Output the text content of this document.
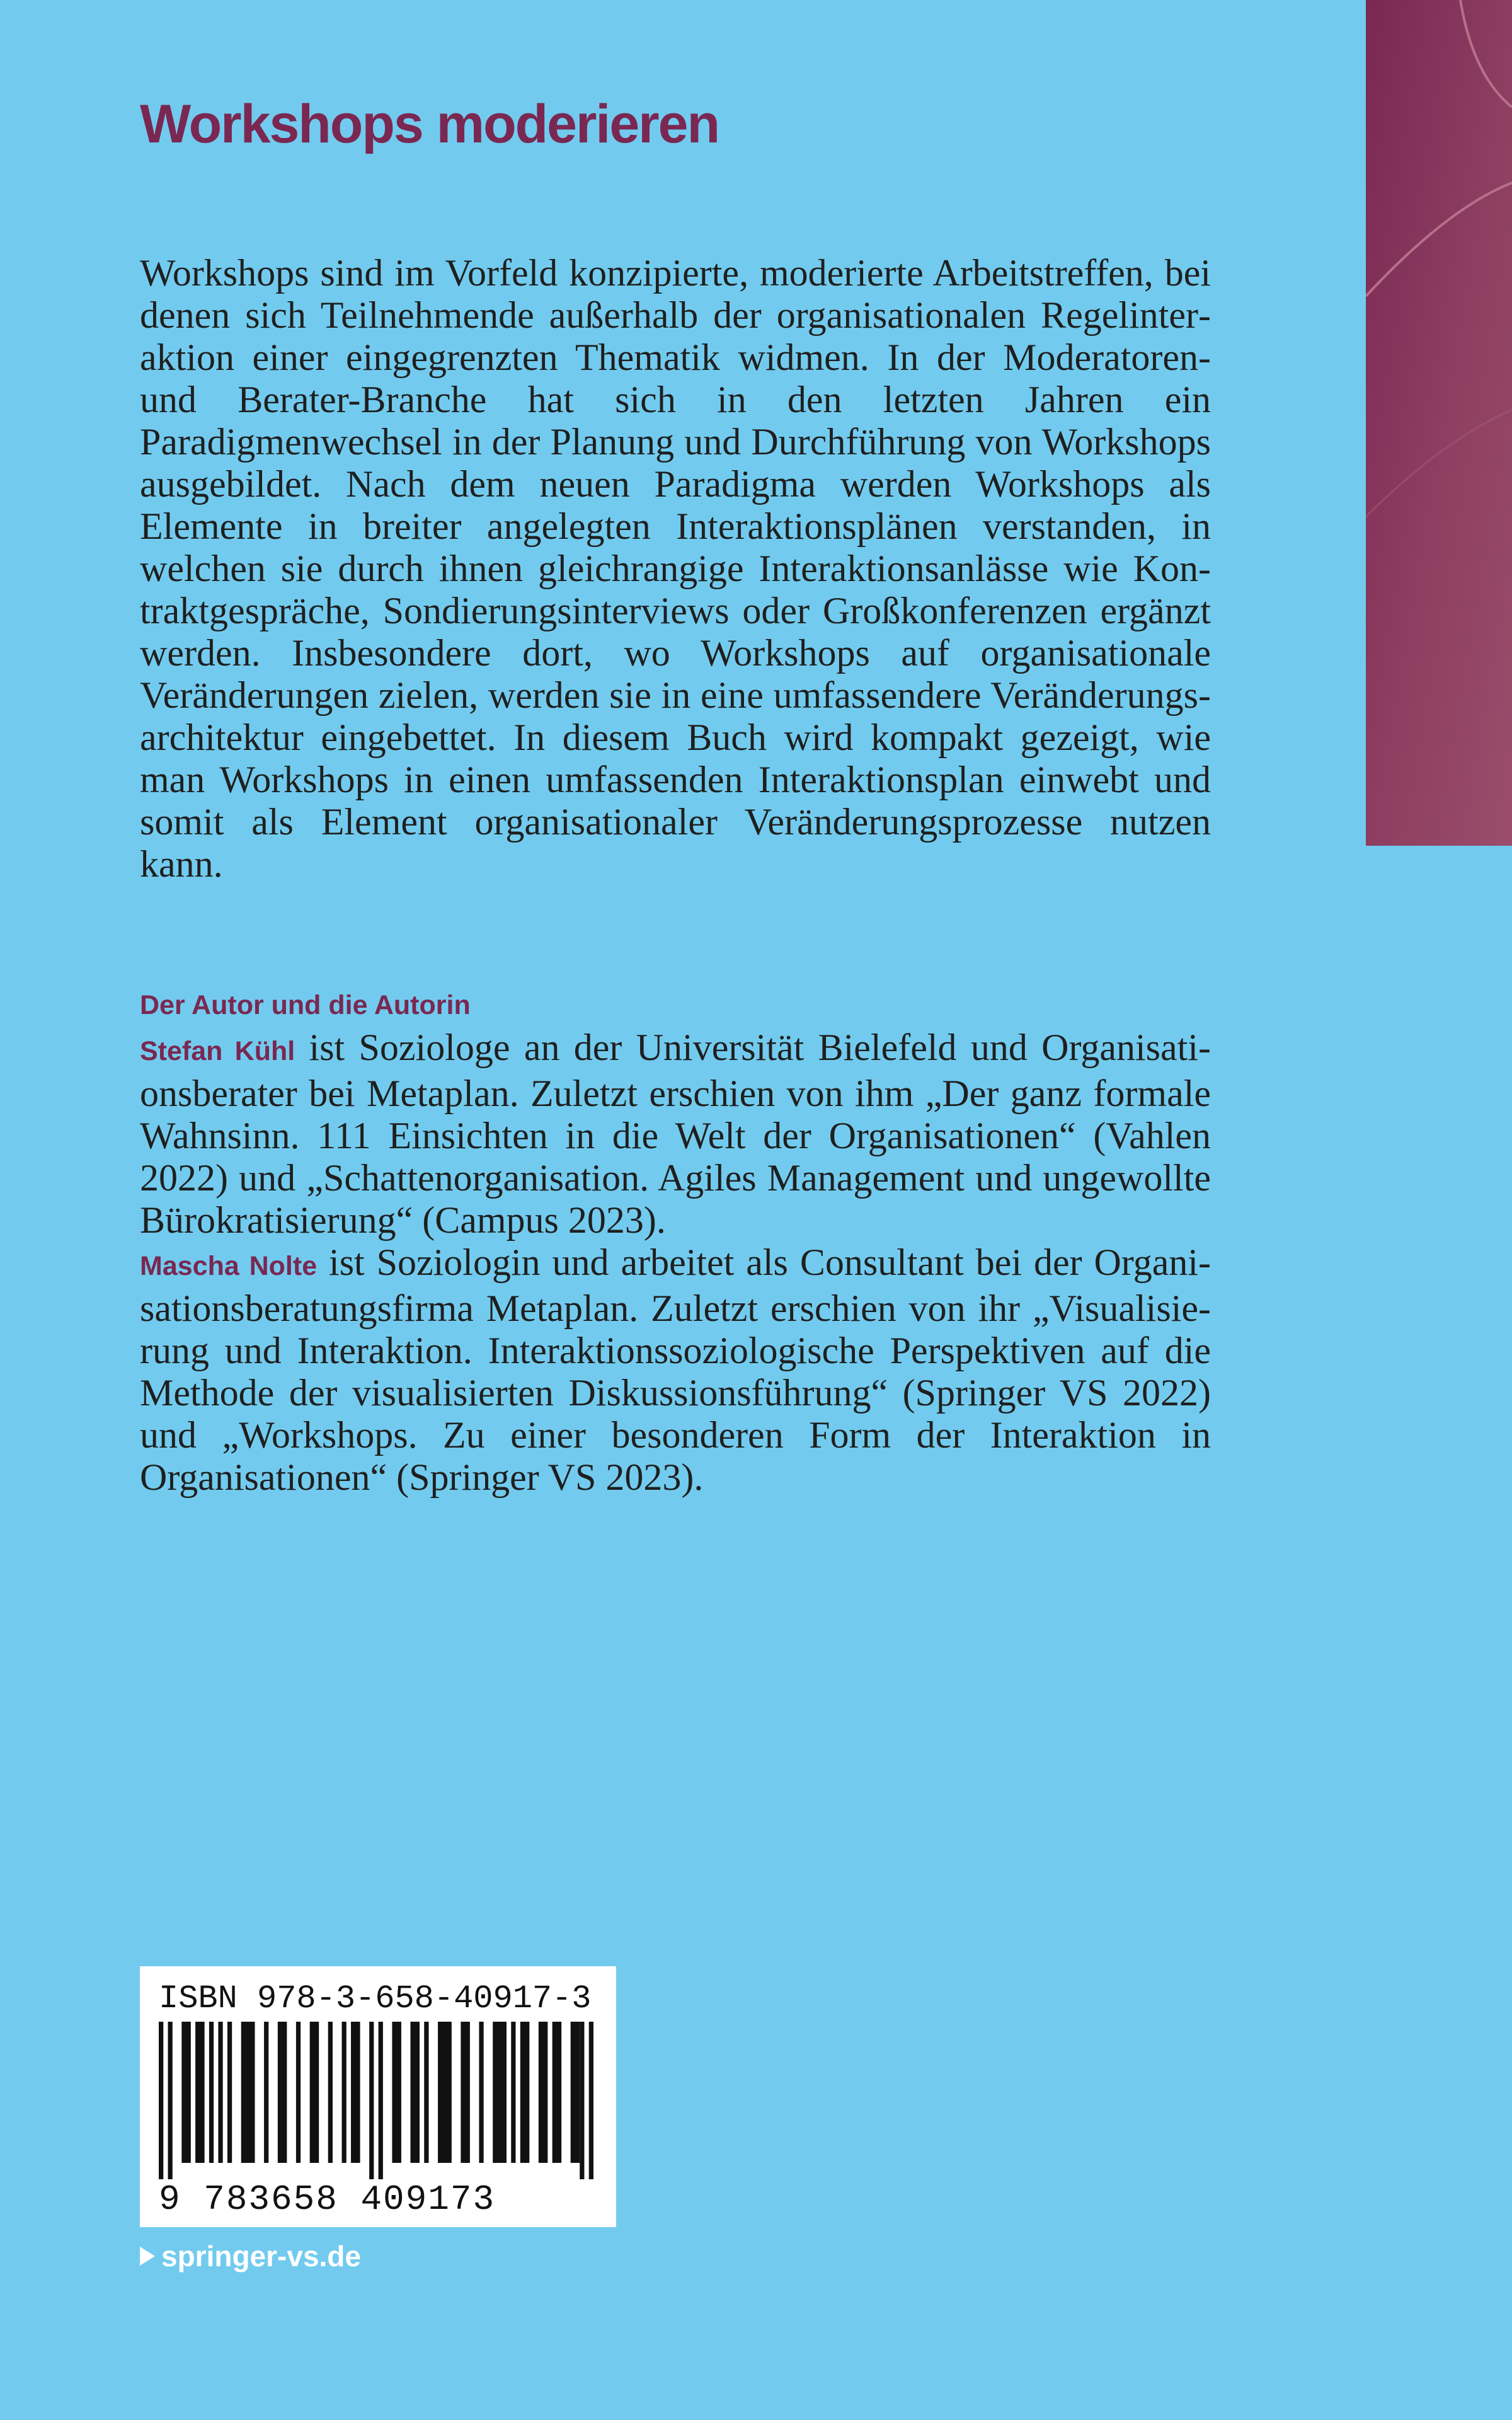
Workshops moderieren

Workshops sind im Vorfeld konzipierte, moderierte Arbeitstreffen, bei denen sich Teilnehmende außerhalb der organisationalen Regelinteraktion einer eingegrenzten Thematik widmen. In der Moderatoren- und Berater-Branche hat sich in den letzten Jahren ein Paradigmenwechsel in der Planung und Durchführung von Workshops ausgebildet. Nach dem neuen Paradigma werden Workshops als Elemente in breiter angelegten Interaktionsplänen verstanden, in welchen sie durch ihnen gleichrangige Interaktionsanlässe wie Kontraktgespräche, Sondierungsinterviews oder Großkonferenzen ergänzt werden. Insbesondere dort, wo Workshops auf organisationale Veränderungen zielen, werden sie in eine umfassendere Veränderungsarchitektur eingebettet. In diesem Buch wird kompakt gezeigt, wie man Workshops in einen umfassenden Interaktionsplan einwebt und somit als Element organisationaler Veränderungsprozesse nutzen kann.

Der Autor und die Autorin

Stefan Kühl ist Soziologe an der Universität Bielefeld und Organisationsberater bei Metaplan. Zuletzt erschien von ihm „Der ganz formale Wahnsinn. 111 Einsichten in die Welt der Organisationen“ (Vahlen 2022) und „Schattenorganisation. Agiles Management und ungewollte Bürokratisierung“ (Campus 2023).

Mascha Nolte ist Soziologin und arbeitet als Consultant bei der Organisationsberatungsfirma Metaplan. Zuletzt erschien von ihr „Visualisierung und Interaktion. Interaktionssoziologische Perspektiven auf die Methode der visualisierten Diskussionsführung“ (Springer VS 2022) und „Workshops. Zu einer besonderen Form der Interaktion in Organisationen“ (Springer VS 2023).

ISBN 978-3-658-40917-3
9 783658 409173
springer-vs.de
